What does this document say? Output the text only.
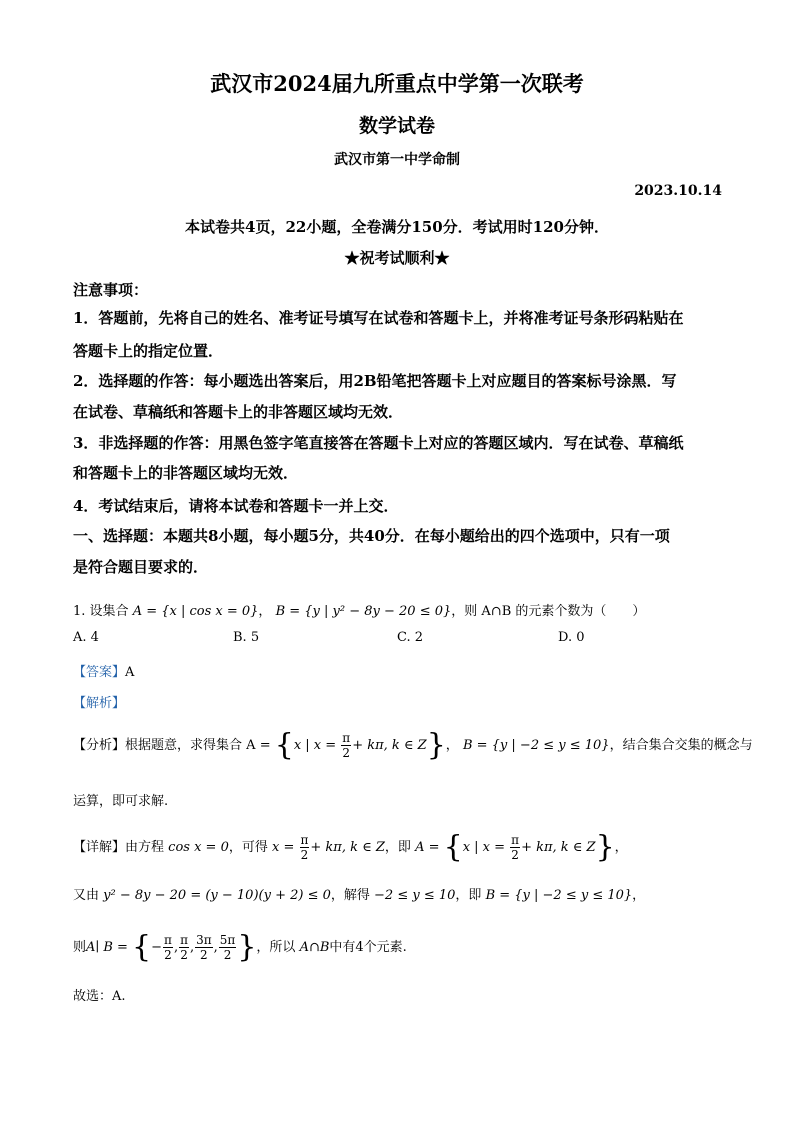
武汉市2024届九所重点中学第一次联考
数学试卷
武汉市第一中学命制
2023.10.14
本试卷共4页，22小题，全卷满分150分．考试用时120分钟．
★祝考试顺利★
注意事项：
1．答题前，先将自己的姓名、准考证号填写在试卷和答题卡上，并将准考证号条形码粘贴在
答题卡上的指定位置．
2．选择题的作答：每小题选出答案后，用2B铅笔把答题卡上对应题目的答案标号涂黑．写
在试卷、草稿纸和答题卡上的非答题区域均无效．
3．非选择题的作答：用黑色签字笔直接答在答题卡上对应的答题区域内．写在试卷、草稿纸
和答题卡上的非答题区域均无效．
4．考试结束后，请将本试卷和答题卡一并上交．
一、选择题：本题共8小题，每小题5分，共40分．在每小题给出的四个选项中，只有一项
是符合题目要求的．
1. 设集合 A = {x | cos x = 0}， B = {y | y² − 8y − 20 ≤ 0}，则 A∩B 的元素个数为（　　）
A. 4	B. 5	C. 2	D. 0
【答案】A
【解析】
【分析】根据题意，求得集合 A = {x | $x = \frac{\pi}{2} + k\pi$, k ∈ Z}， B = {y | −2 ≤ y ≤ 10}，结合集合交集的概念与
运算，即可求解.
【详解】由方程 cos x = 0，可得 $x = \frac{\pi}{2} + k\pi$, k ∈ Z，即 A = {x | $x = \frac{\pi}{2} + k\pi$, k ∈ Z}，
又由 y² − 8y − 20 = (y − 10)(y + 2) ≤ 0，解得 −2 ≤ y ≤ 10，即 B = {y | −2 ≤ y ≤ 10}，
则A∣ B = {− $\frac{\pi}{2}$ , $\frac{\pi}{2}$ , $\frac{3\pi}{2}$ , $\frac{5\pi}{2}$ }，所以 A∩B中有4个元素.
故选：A.
